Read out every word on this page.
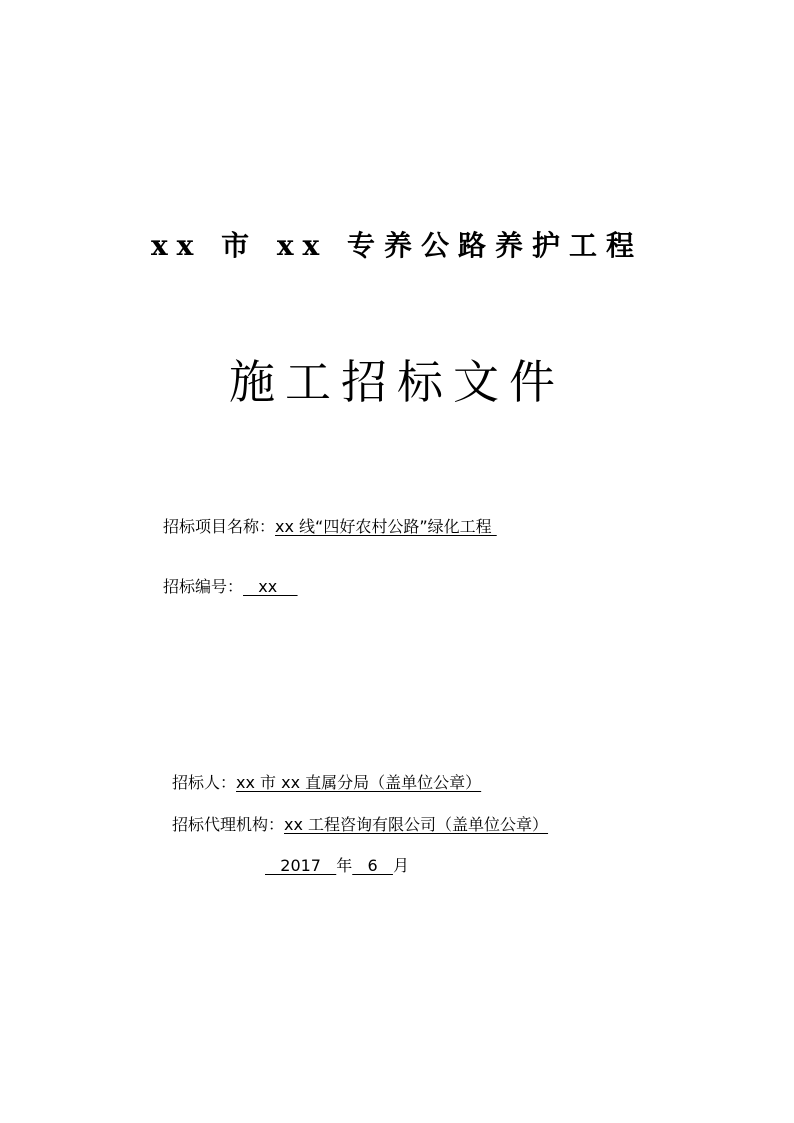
xx 市 xx 专养公路养护工程
施工招标文件
招标项目名称：xx 线“四好农村公路”绿化工程
招标编号：   xx
招标人：xx 市 xx 直属分局（盖单位公章）
招标代理机构：xx 工程咨询有限公司（盖单位公章）
2017   年   6   月
